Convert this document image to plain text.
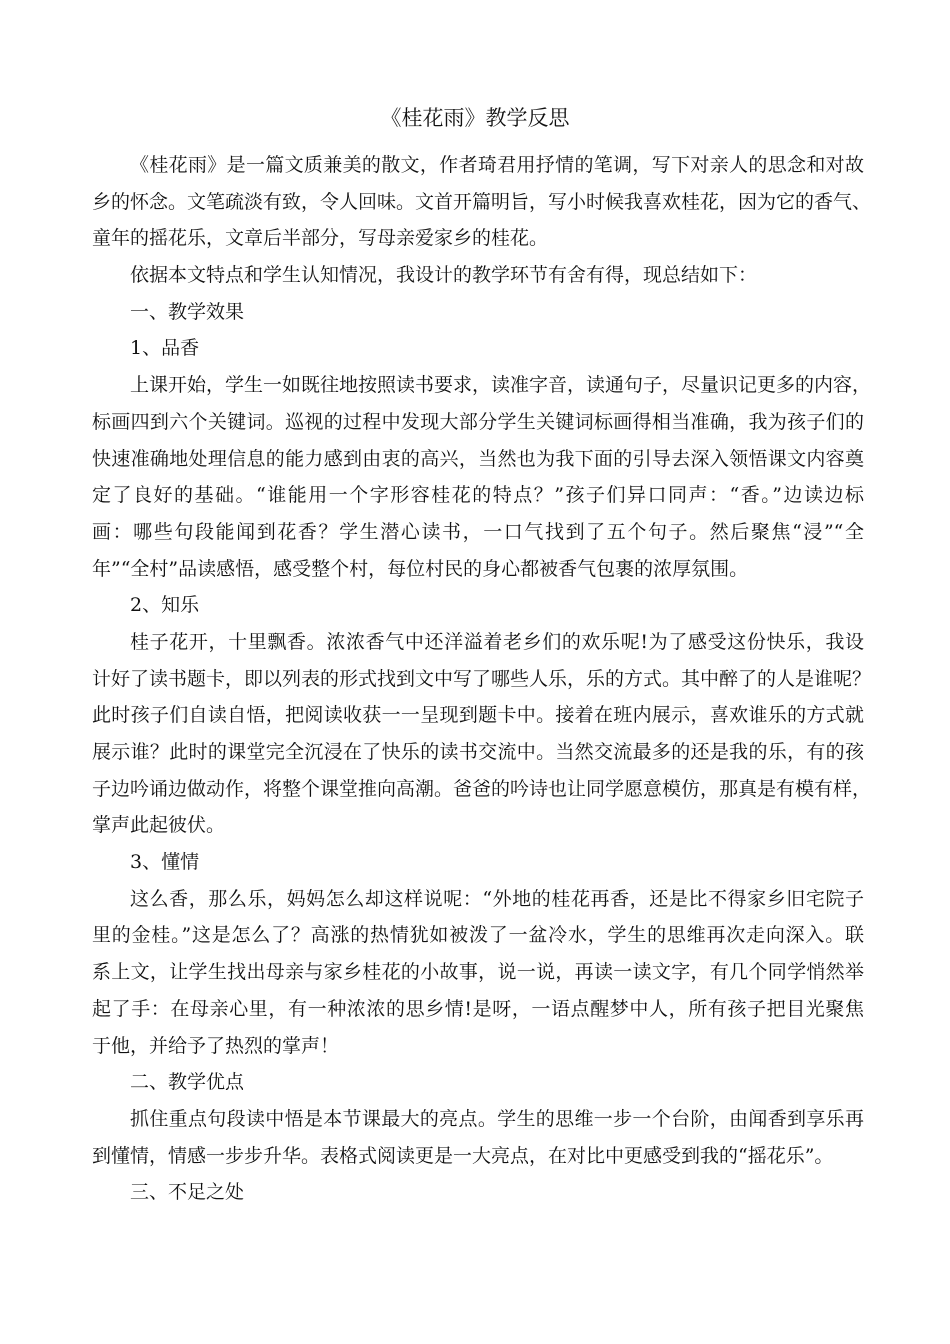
《桂花雨》教学反思
《桂花雨》是一篇文质兼美的散文，作者琦君用抒情的笔调，写下对亲人的思念和对故
乡的怀念。文笔疏淡有致，令人回味。文首开篇明旨，写小时候我喜欢桂花，因为它的香气、
童年的摇花乐，文章后半部分，写母亲爱家乡的桂花。
依据本文特点和学生认知情况，我设计的教学环节有舍有得，现总结如下：
一、教学效果
1、品香
上课开始，学生一如既往地按照读书要求，读准字音，读通句子，尽量识记更多的内容，
标画四到六个关键词。巡视的过程中发现大部分学生关键词标画得相当准确，我为孩子们的
快速准确地处理信息的能力感到由衷的高兴，当然也为我下面的引导去深入领悟课文内容奠
定了良好的基础。“谁能用一个字形容桂花的特点？”孩子们异口同声：“香。”边读边标
画：哪些句段能闻到花香？学生潜心读书，一口气找到了五个句子。然后聚焦“浸”“全
年”“全村”品读感悟，感受整个村，每位村民的身心都被香气包裹的浓厚氛围。
2、知乐
桂子花开，十里飘香。浓浓香气中还洋溢着老乡们的欢乐呢!为了感受这份快乐，我设
计好了读书题卡，即以列表的形式找到文中写了哪些人乐，乐的方式。其中醉了的人是谁呢？
此时孩子们自读自悟，把阅读收获一一呈现到题卡中。接着在班内展示，喜欢谁乐的方式就
展示谁？此时的课堂完全沉浸在了快乐的读书交流中。当然交流最多的还是我的乐，有的孩
子边吟诵边做动作，将整个课堂推向高潮。爸爸的吟诗也让同学愿意模仿，那真是有模有样，
掌声此起彼伏。
3、懂情
这么香，那么乐，妈妈怎么却这样说呢：“外地的桂花再香，还是比不得家乡旧宅院子
里的金桂。”这是怎么了？高涨的热情犹如被泼了一盆冷水，学生的思维再次走向深入。联
系上文，让学生找出母亲与家乡桂花的小故事，说一说，再读一读文字，有几个同学悄然举
起了手：在母亲心里，有一种浓浓的思乡情!是呀，一语点醒梦中人，所有孩子把目光聚焦
于他，并给予了热烈的掌声！
二、教学优点
抓住重点句段读中悟是本节课最大的亮点。学生的思维一步一个台阶，由闻香到享乐再
到懂情，情感一步步升华。表格式阅读更是一大亮点，在对比中更感受到我的“摇花乐”。
三、不足之处
